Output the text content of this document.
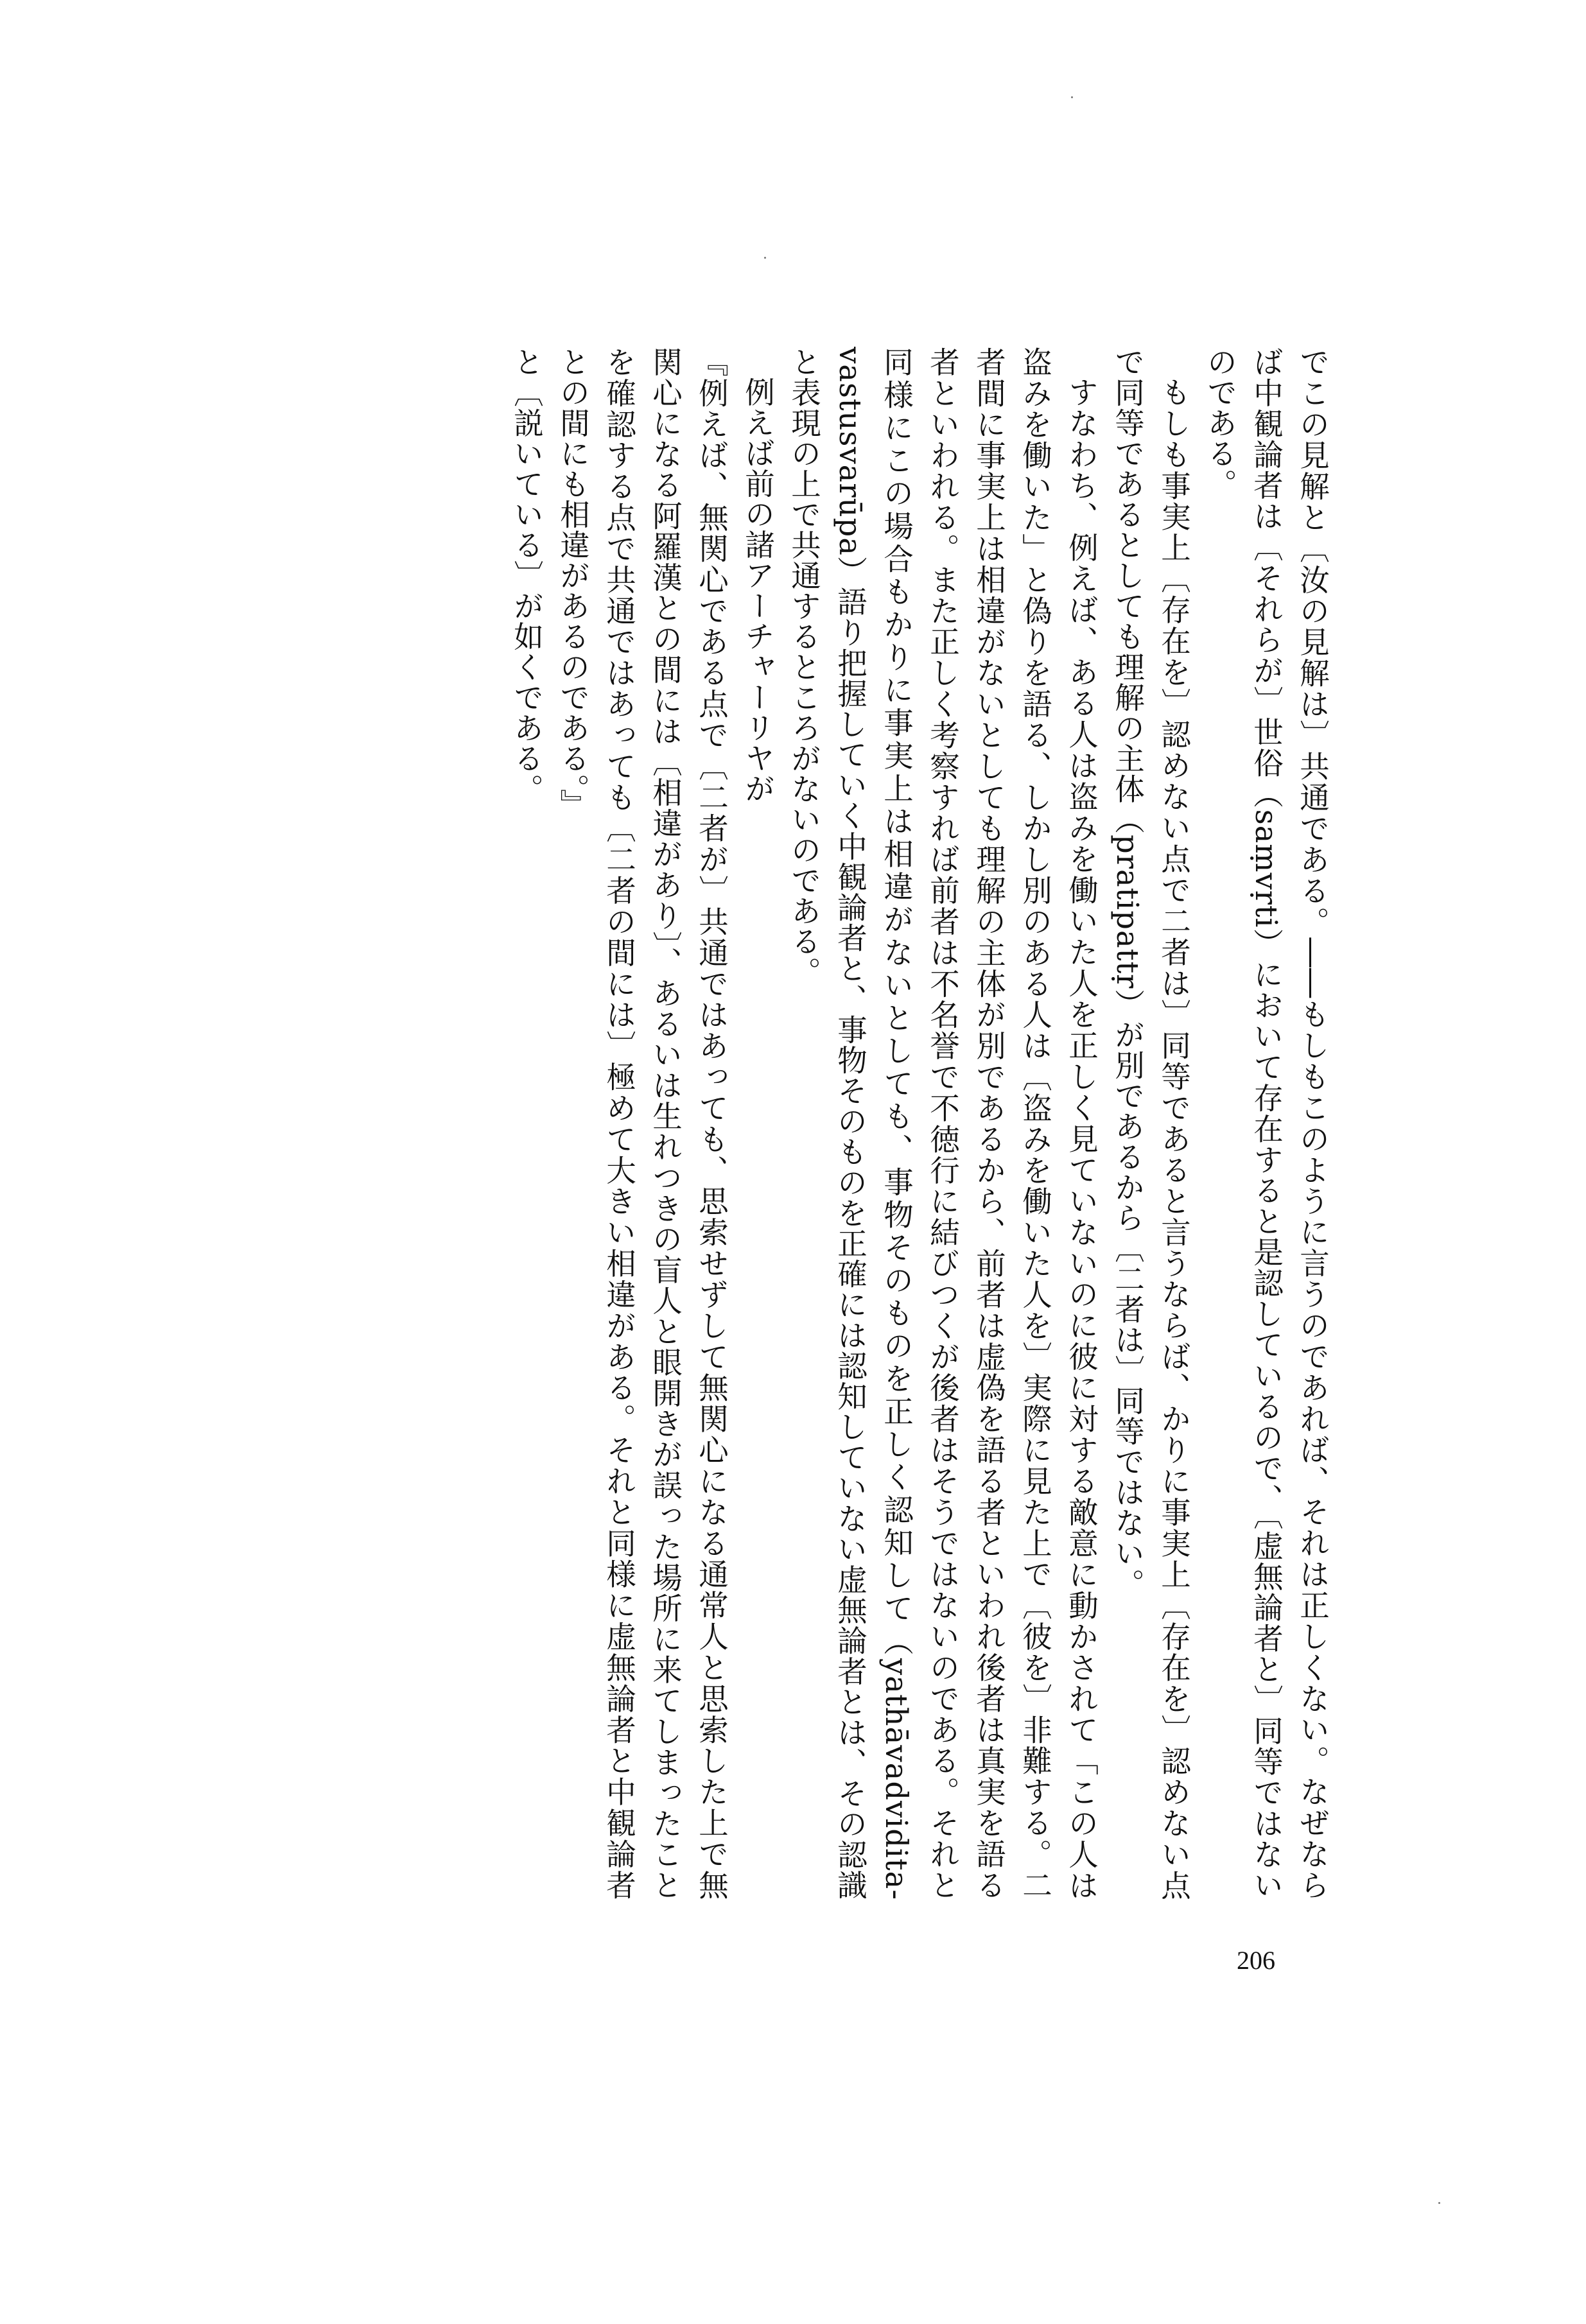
でこの見解と〔汝の見解は〕共通である。――もしもこのように言うのであれば、それは正しくない。なぜならば中観論者は〔それらが〕世俗（saṃvṛti）において存在すると是認しているので、〔虚無論者と〕同等ではないのである。

もしも事実上〔存在を〕認めない点で二者は〕同等であると言うならば、かりに事実上〔存在を〕認めない点で同等であるとしても理解の主体（pratipattṛ）が別であるから〔二者は〕同等ではない。

すなわち、例えば、ある人は盗みを働いた人を正しく見ていないのに彼に対する敵意に動かされて「この人は盗みを働いた」と偽りを語る、しかし別のある人は〔盗みを働いた人を〕実際に見た上で〔彼を〕非難する。二者間に事実上は相違がないとしても理解の主体が別であるから、前者は虚偽を語る者といわれ後者は真実を語る者といわれる。また正しく考察すれば前者は不名誉で不徳行に結びつくが後者はそうではないのである。それと同様にこの場合もかりに事実上は相違がないとしても、事物そのものを正しく認知して（yathāvadvidita-vastusvarūpa）語り把握していく中観論者と、事物そのものを正確には認知していない虚無論者とは、その認識と表現の上で共通するところがないのである。

例えば前の諸アーチャーリヤが

『例えば、無関心である点で〔二者が〕共通ではあっても、思索せずして無関心になる通常人と思索した上で無関心になる阿羅漢との間には〔相違があり〕、あるいは生れつきの盲人と眼開きが誤った場所に来てしまったことを確認する点で共通ではあっても〔二者の間には〕極めて大きい相違がある。それと同様に虚無論者と中観論者との間にも相違があるのである。』

と〔説いている〕が如くである。

206
